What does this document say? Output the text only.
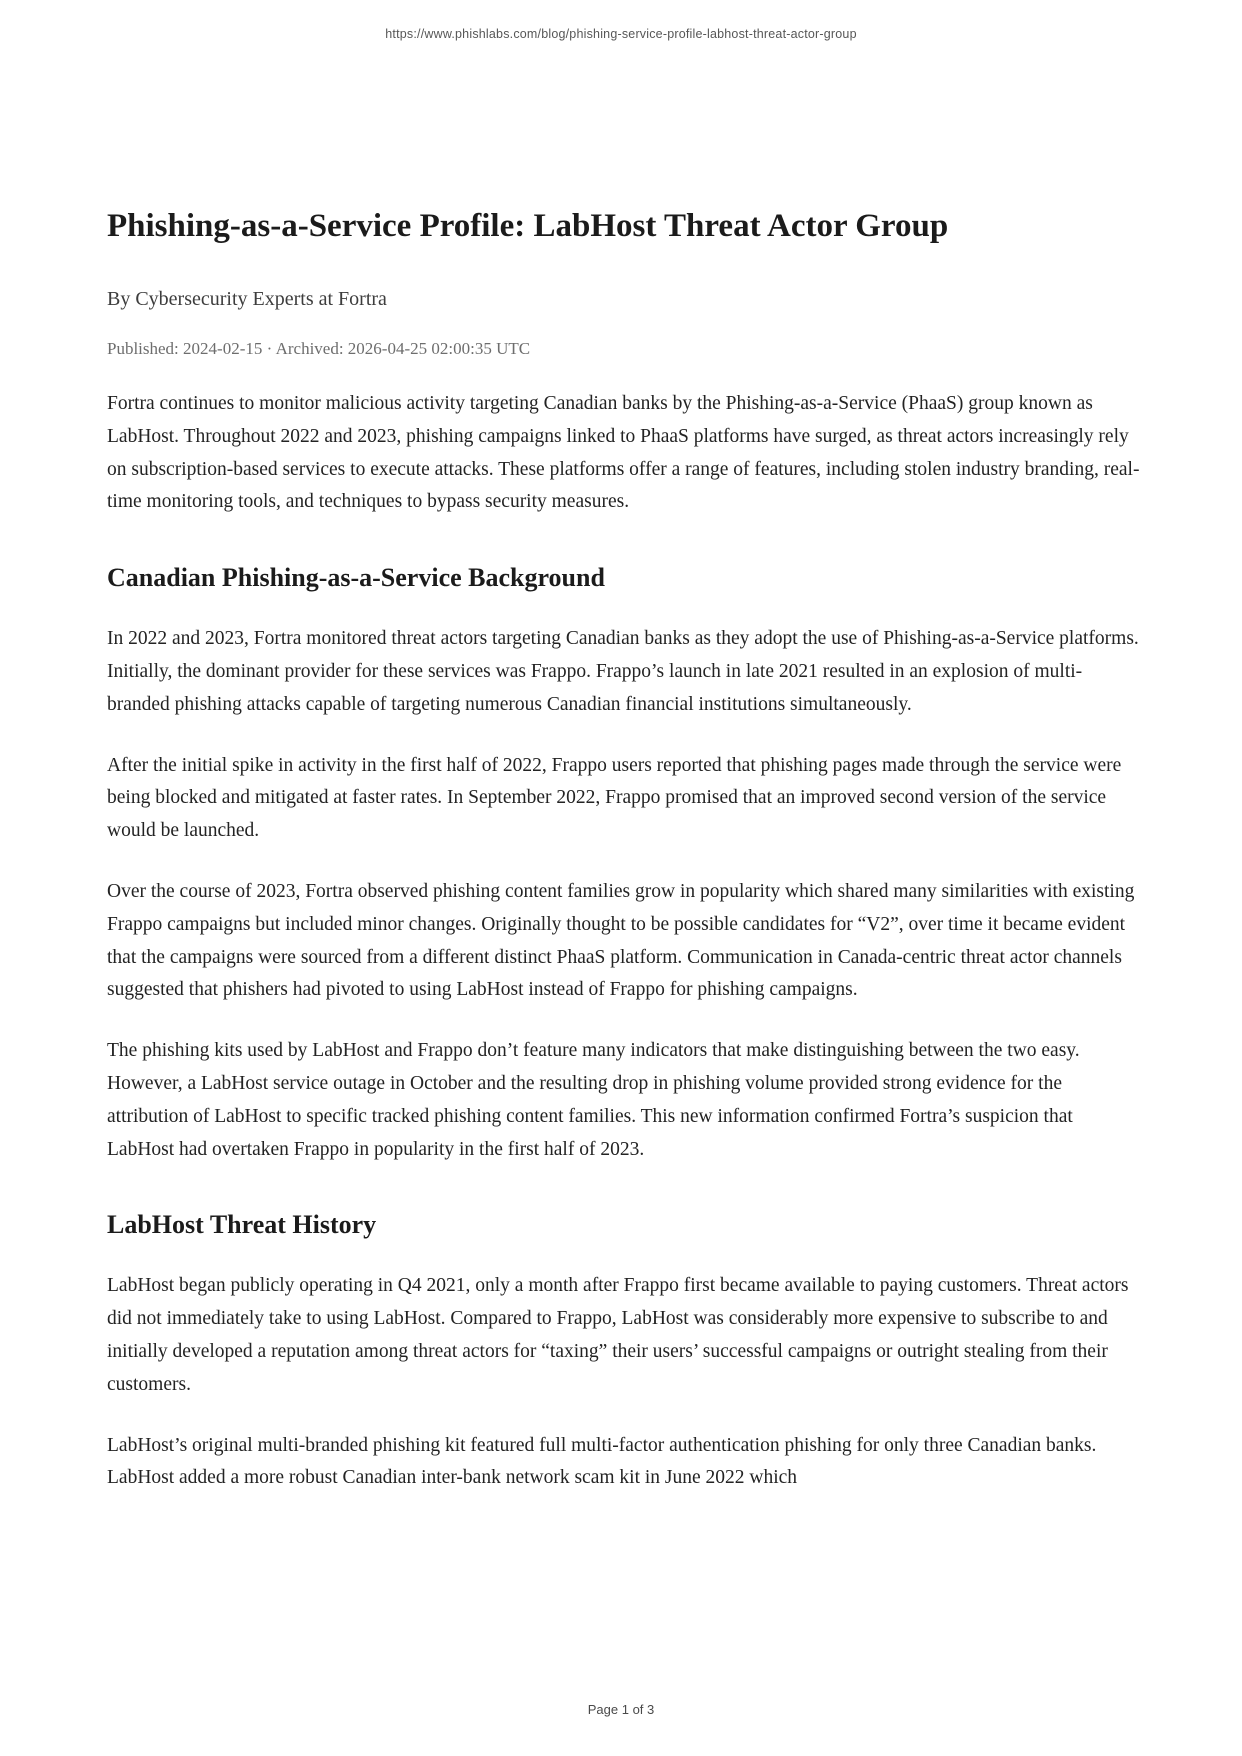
https://www.phishlabs.com/blog/phishing-service-profile-labhost-threat-actor-group
Phishing-as-a-Service Profile: LabHost Threat Actor Group

By Cybersecurity Experts at Fortra

Published: 2024-02-15 · Archived: 2026-04-25 02:00:35 UTC

Fortra continues to monitor malicious activity targeting Canadian banks by the Phishing-as-a-Service (PhaaS) group known as LabHost. Throughout 2022 and 2023, phishing campaigns linked to PhaaS platforms have surged, as threat actors increasingly rely on subscription-based services to execute attacks. These platforms offer a range of features, including stolen industry branding, real-time monitoring tools, and techniques to bypass security measures.

Canadian Phishing-as-a-Service Background

In 2022 and 2023, Fortra monitored threat actors targeting Canadian banks as they adopt the use of Phishing-as-a-Service platforms. Initially, the dominant provider for these services was Frappo. Frappo’s launch in late 2021 resulted in an explosion of multi-branded phishing attacks capable of targeting numerous Canadian financial institutions simultaneously.

After the initial spike in activity in the first half of 2022, Frappo users reported that phishing pages made through the service were being blocked and mitigated at faster rates. In September 2022, Frappo promised that an improved second version of the service would be launched.

Over the course of 2023, Fortra observed phishing content families grow in popularity which shared many similarities with existing Frappo campaigns but included minor changes. Originally thought to be possible candidates for “V2”, over time it became evident that the campaigns were sourced from a different distinct PhaaS platform. Communication in Canada-centric threat actor channels suggested that phishers had pivoted to using LabHost instead of Frappo for phishing campaigns.

The phishing kits used by LabHost and Frappo don’t feature many indicators that make distinguishing between the two easy. However, a LabHost service outage in October and the resulting drop in phishing volume provided strong evidence for the attribution of LabHost to specific tracked phishing content families. This new information confirmed Fortra’s suspicion that LabHost had overtaken Frappo in popularity in the first half of 2023.

LabHost Threat History

LabHost began publicly operating in Q4 2021, only a month after Frappo first became available to paying customers. Threat actors did not immediately take to using LabHost. Compared to Frappo, LabHost was considerably more expensive to subscribe to and initially developed a reputation among threat actors for “taxing” their users’ successful campaigns or outright stealing from their customers.

LabHost’s original multi-branded phishing kit featured full multi-factor authentication phishing for only three Canadian banks. LabHost added a more robust Canadian inter-bank network scam kit in June 2022 which

Page 1 of 3
